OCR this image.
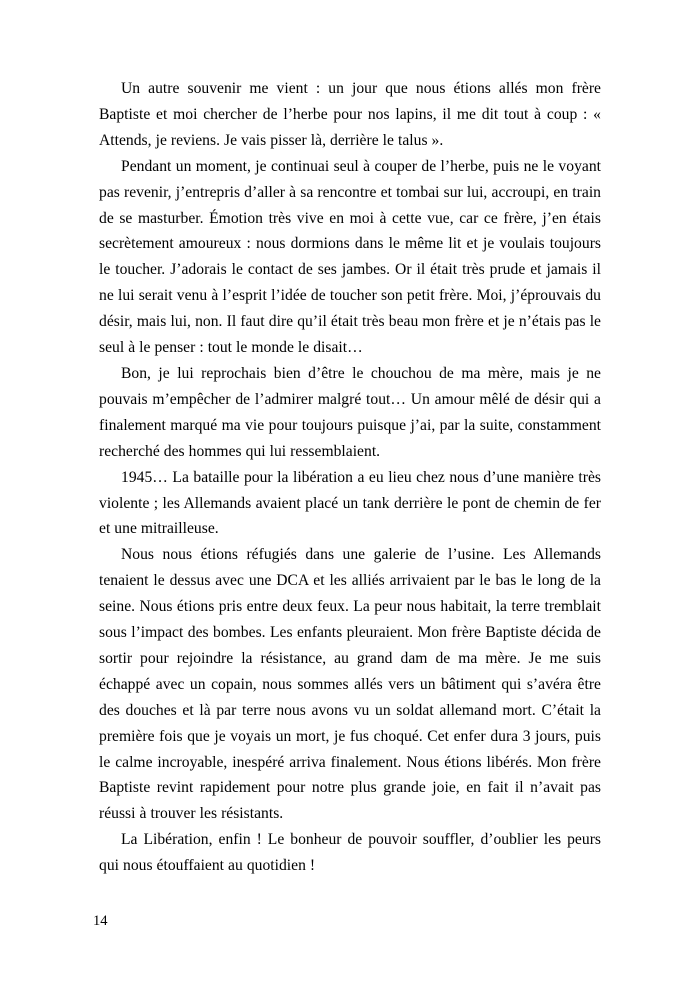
Un autre souvenir me vient : un jour que nous étions allés mon frère Baptiste et moi chercher de l’herbe pour nos lapins, il me dit tout à coup : « Attends, je reviens. Je vais pisser là, derrière le talus ».

Pendant un moment, je continuai seul à couper de l’herbe, puis ne le voyant pas revenir, j’entrepris d’aller à sa rencontre et tombai sur lui, accroupi, en train de se masturber. Émotion très vive en moi à cette vue, car ce frère, j’en étais secrètement amoureux : nous dormions dans le même lit et je voulais toujours le toucher. J’adorais le contact de ses jambes. Or il était très prude et jamais il ne lui serait venu à l’esprit l’idée de toucher son petit frère. Moi, j’éprouvais du désir, mais lui, non. Il faut dire qu’il était très beau mon frère et je n’étais pas le seul à le penser : tout le monde le disait…

Bon, je lui reprochais bien d’être le chouchou de ma mère, mais je ne pouvais m’empêcher de l’admirer malgré tout… Un amour mêlé de désir qui a finalement marqué ma vie pour toujours puisque j’ai, par la suite, constamment recherché des hommes qui lui ressemblaient.

1945… La bataille pour la libération a eu lieu chez nous d’une manière très violente ; les Allemands avaient placé un tank derrière le pont de chemin de fer et une mitrailleuse.

Nous nous étions réfugiés dans une galerie de l’usine. Les Allemands tenaient le dessus avec une DCA et les alliés arrivaient par le bas le long de la seine. Nous étions pris entre deux feux. La peur nous habitait, la terre tremblait sous l’impact des bombes. Les enfants pleuraient. Mon frère Baptiste décida de sortir pour rejoindre la résistance, au grand dam de ma mère. Je me suis échappé avec un copain, nous sommes allés vers un bâtiment qui s’avéra être des douches et là par terre nous avons vu un soldat allemand mort. C’était la première fois que je voyais un mort, je fus choqué. Cet enfer dura 3 jours, puis le calme incroyable, inespéré arriva finalement. Nous étions libérés. Mon frère Baptiste revint rapidement pour notre plus grande joie, en fait il n’avait pas réussi à trouver les résistants.

La Libération, enfin ! Le bonheur de pouvoir souffler, d’oublier les peurs qui nous étouffaient au quotidien !

14
